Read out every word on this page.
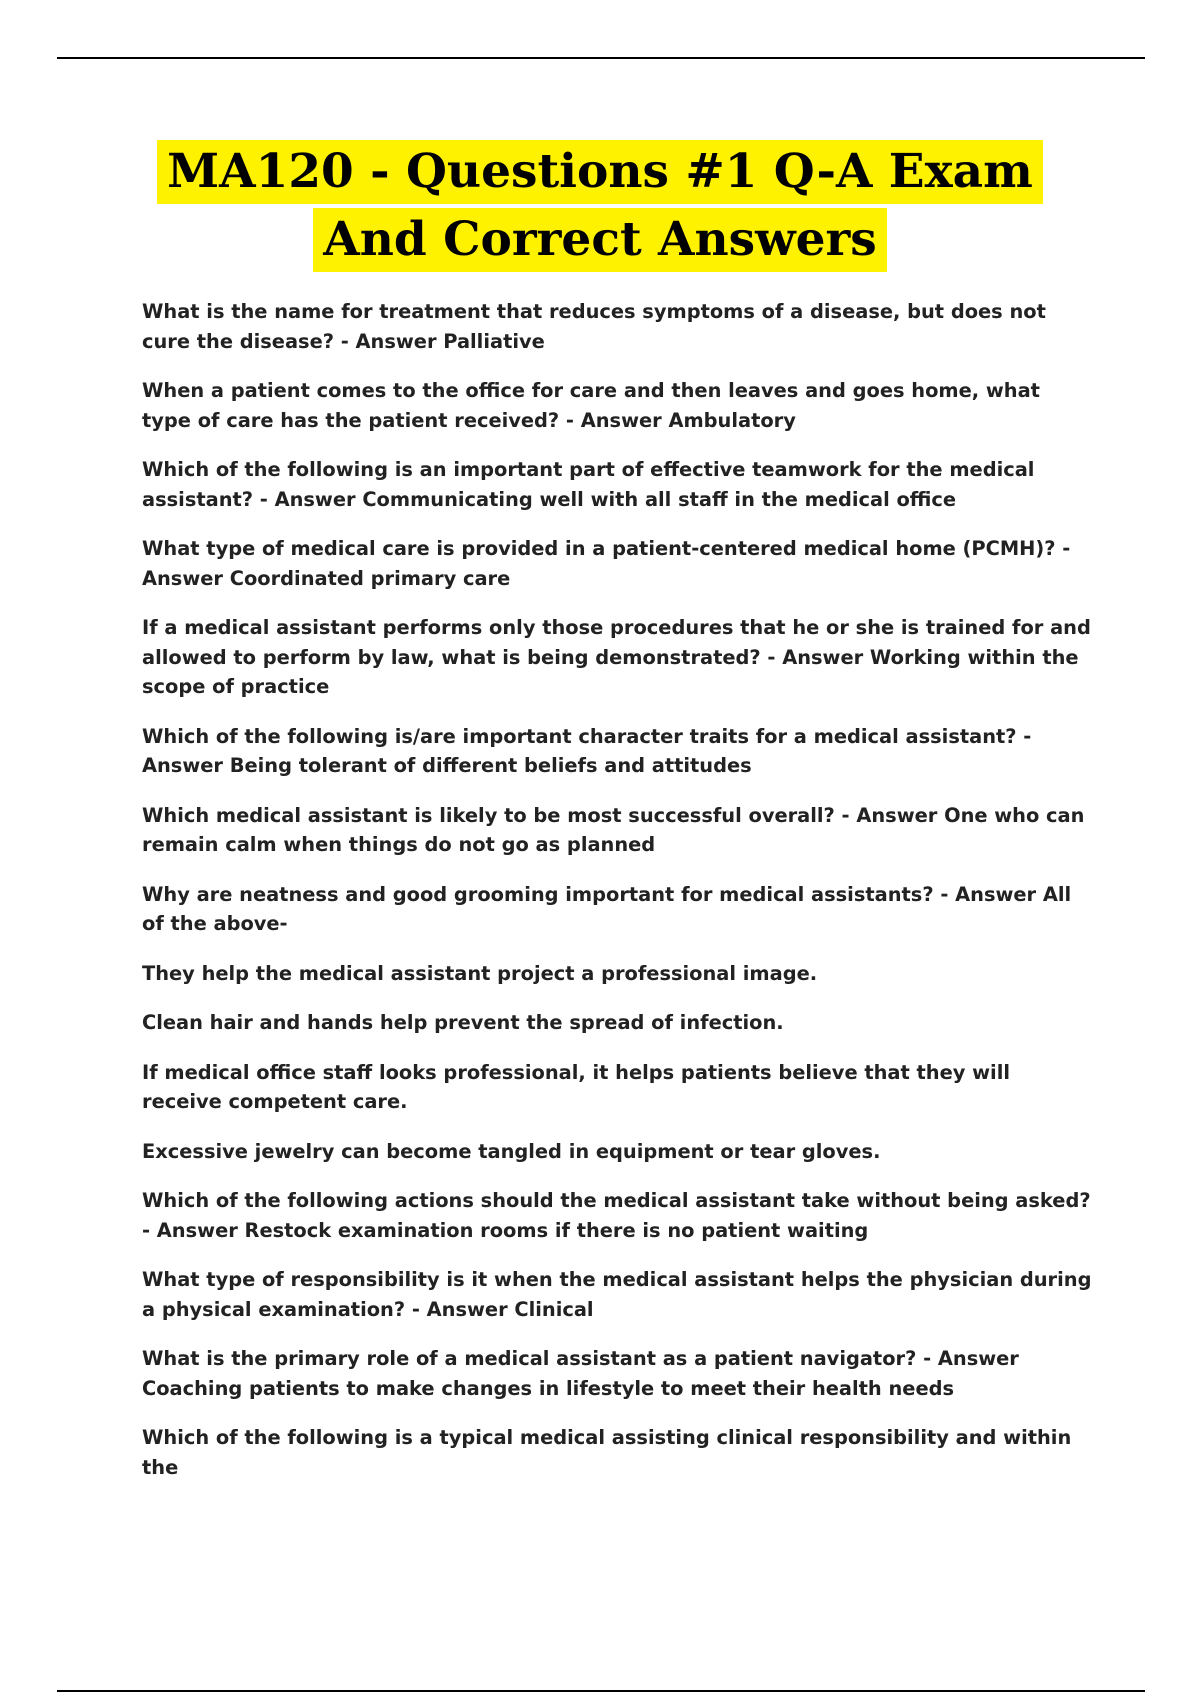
MA120 - Questions #1 Q-A Exam
And Correct Answers

What is the name for treatment that reduces symptoms of a disease, but does not cure the disease? - Answer Palliative

When a patient comes to the office for care and then leaves and goes home, what type of care has the patient received? - Answer Ambulatory

Which of the following is an important part of effective teamwork for the medical assistant? - Answer Communicating well with all staff in the medical office

What type of medical care is provided in a patient-centered medical home (PCMH)? - Answer Coordinated primary care

If a medical assistant performs only those procedures that he or she is trained for and allowed to perform by law, what is being demonstrated? - Answer Working within the scope of practice

Which of the following is/are important character traits for a medical assistant? - Answer Being tolerant of different beliefs and attitudes

Which medical assistant is likely to be most successful overall? - Answer One who can remain calm when things do not go as planned

Why are neatness and good grooming important for medical assistants? - Answer All of the above-

They help the medical assistant project a professional image.

Clean hair and hands help prevent the spread of infection.

If medical office staff looks professional, it helps patients believe that they will receive competent care.

Excessive jewelry can become tangled in equipment or tear gloves.

Which of the following actions should the medical assistant take without being asked? - Answer Restock examination rooms if there is no patient waiting

What type of responsibility is it when the medical assistant helps the physician during a physical examination? - Answer Clinical

What is the primary role of a medical assistant as a patient navigator? - Answer Coaching patients to make changes in lifestyle to meet their health needs

Which of the following is a typical medical assisting clinical responsibility and within the
